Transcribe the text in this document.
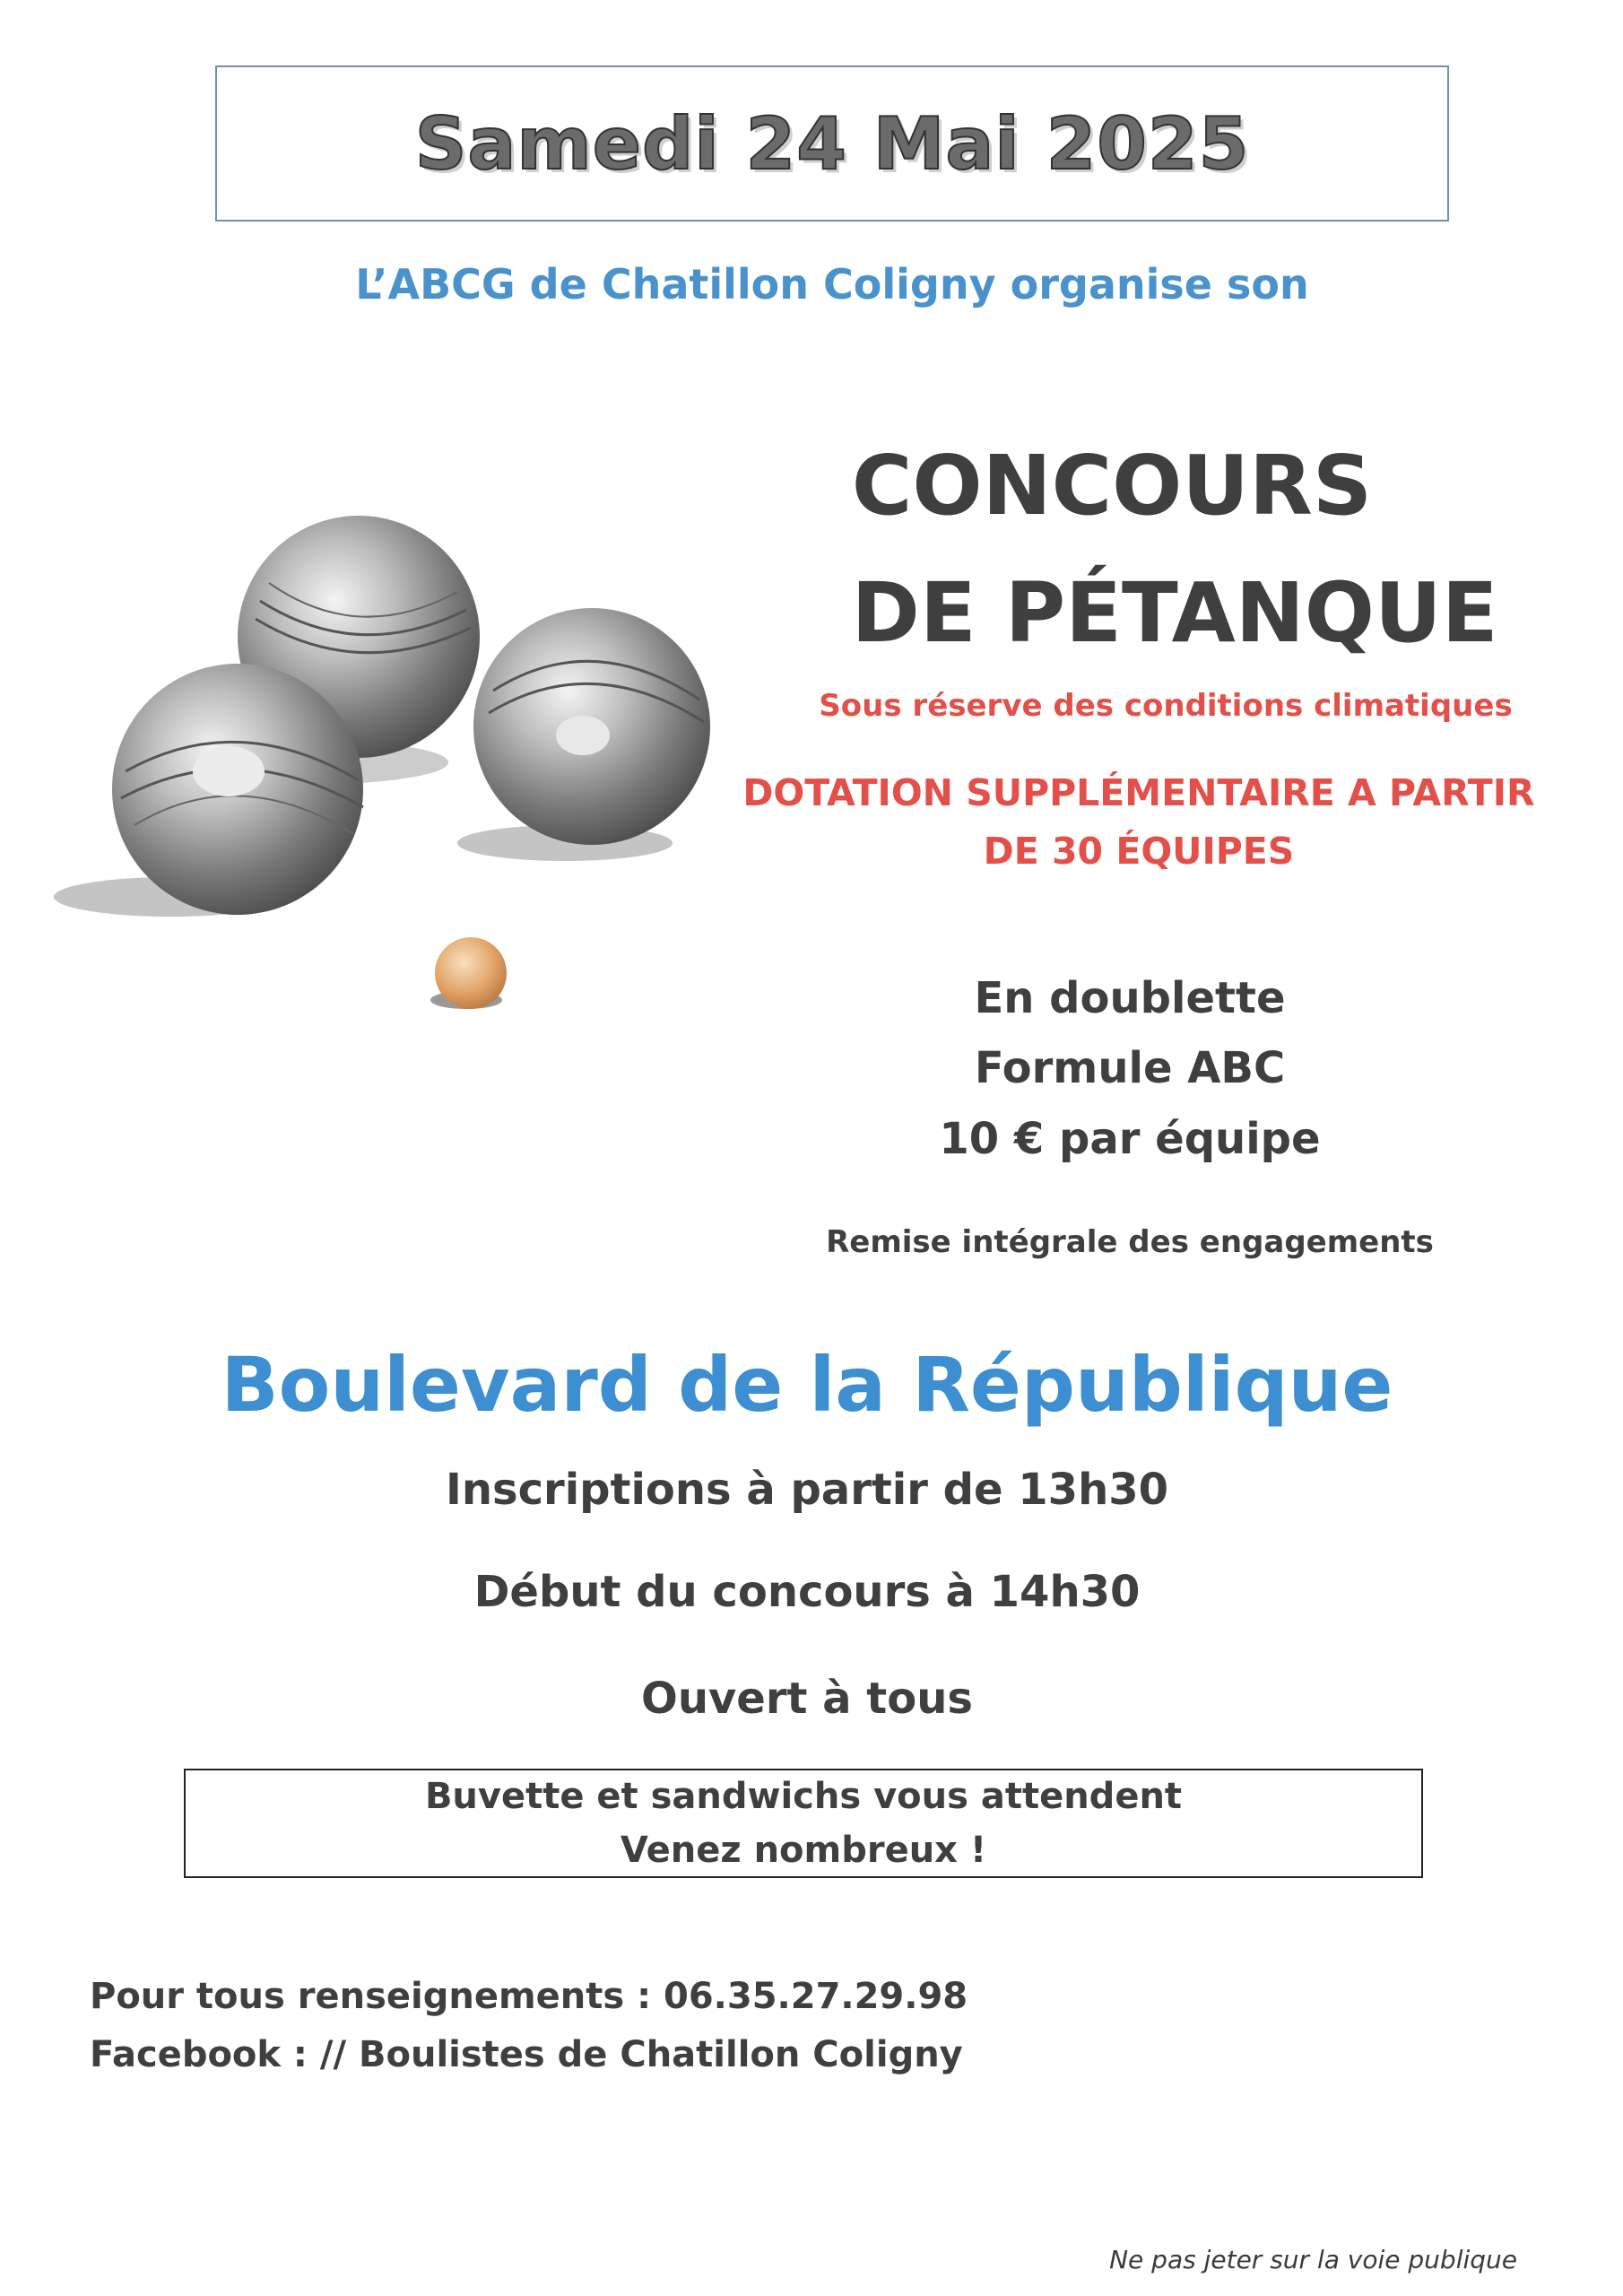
Samedi 24 Mai 2025
L’ABCG de Chatillon Coligny organise son
CONCOURS
DE PÉTANQUE
Sous réserve des conditions climatiques
DOTATION SUPPLÉMENTAIRE A PARTIR
DE 30 ÉQUIPES
En doublette
Formule ABC
10 € par équipe
Remise intégrale des engagements
Boulevard de la République
Inscriptions à partir de 13h30
Début du concours à 14h30
Ouvert à tous
Buvette et sandwichs vous attendent
Venez nombreux !
Pour tous renseignements : 06.35.27.29.98
Facebook : // Boulistes de Chatillon Coligny
Ne pas jeter sur la voie publique
